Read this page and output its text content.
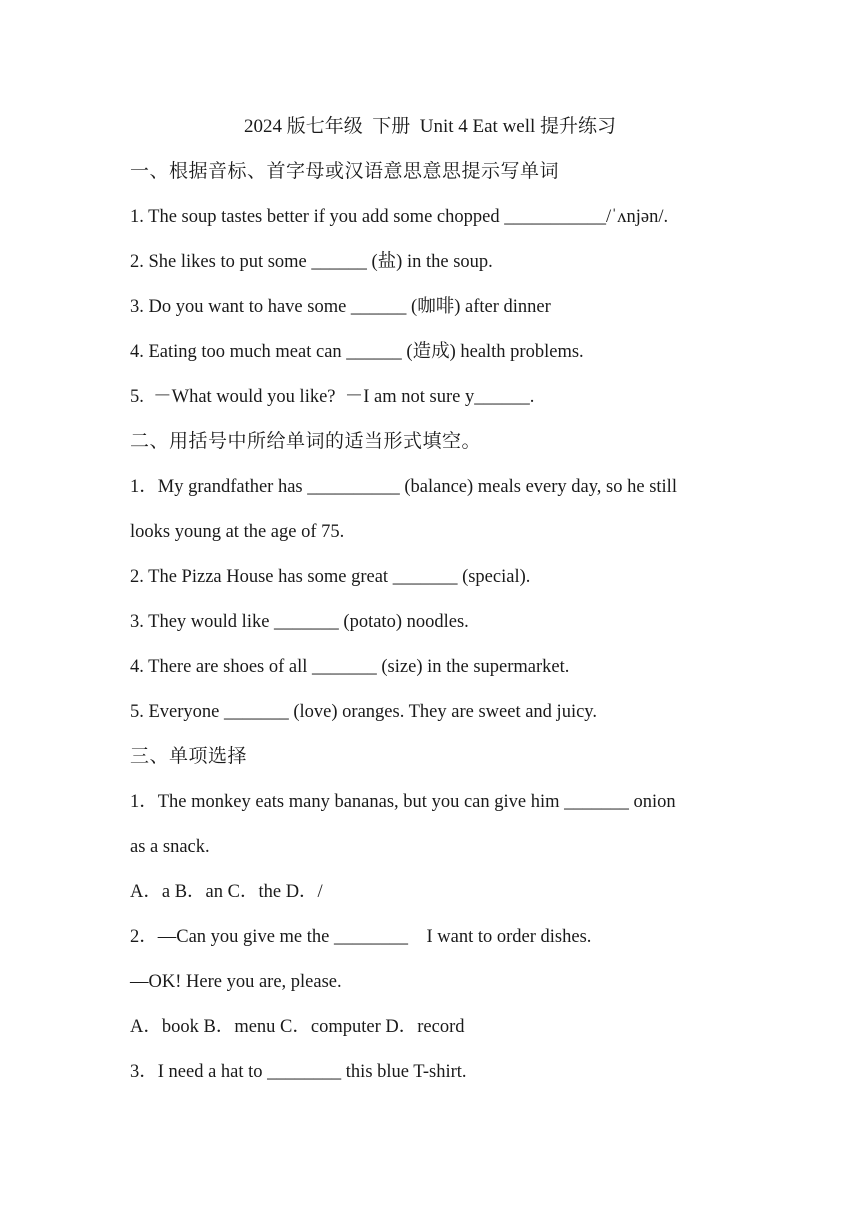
2024 版七年级  下册  Unit 4 Eat well 提升练习
一、根据音标、首字母或汉语意思意思提示写单词
1. The soup tastes better if you add some chopped ___________/ˈʌnjən/.
2. She likes to put some ______ (盐) in the soup.
3. Do you want to have some ______ (咖啡) after dinner
4. Eating too much meat can ______ (造成) health problems.
5.  －What would you like?  －I am not sure y______.
二、用括号中所给单词的适当形式填空。
1．My grandfather has __________ (balance) meals every day, so he still
looks young at the age of 75.
2. The Pizza House has some great _______ (special).
3. They would like _______ (potato) noodles.
4. There are shoes of all _______ (size) in the supermarket.
5. Everyone _______ (love) oranges. They are sweet and juicy.
三、单项选择
1．The monkey eats many bananas, but you can give him _______ onion
as a snack.
A．a B．an C．the D．/
2．—Can you give me the ________    I want to order dishes.
—OK! Here you are, please.
A．book B．menu C．computer D．record
3．I need a hat to ________ this blue T-shirt.
